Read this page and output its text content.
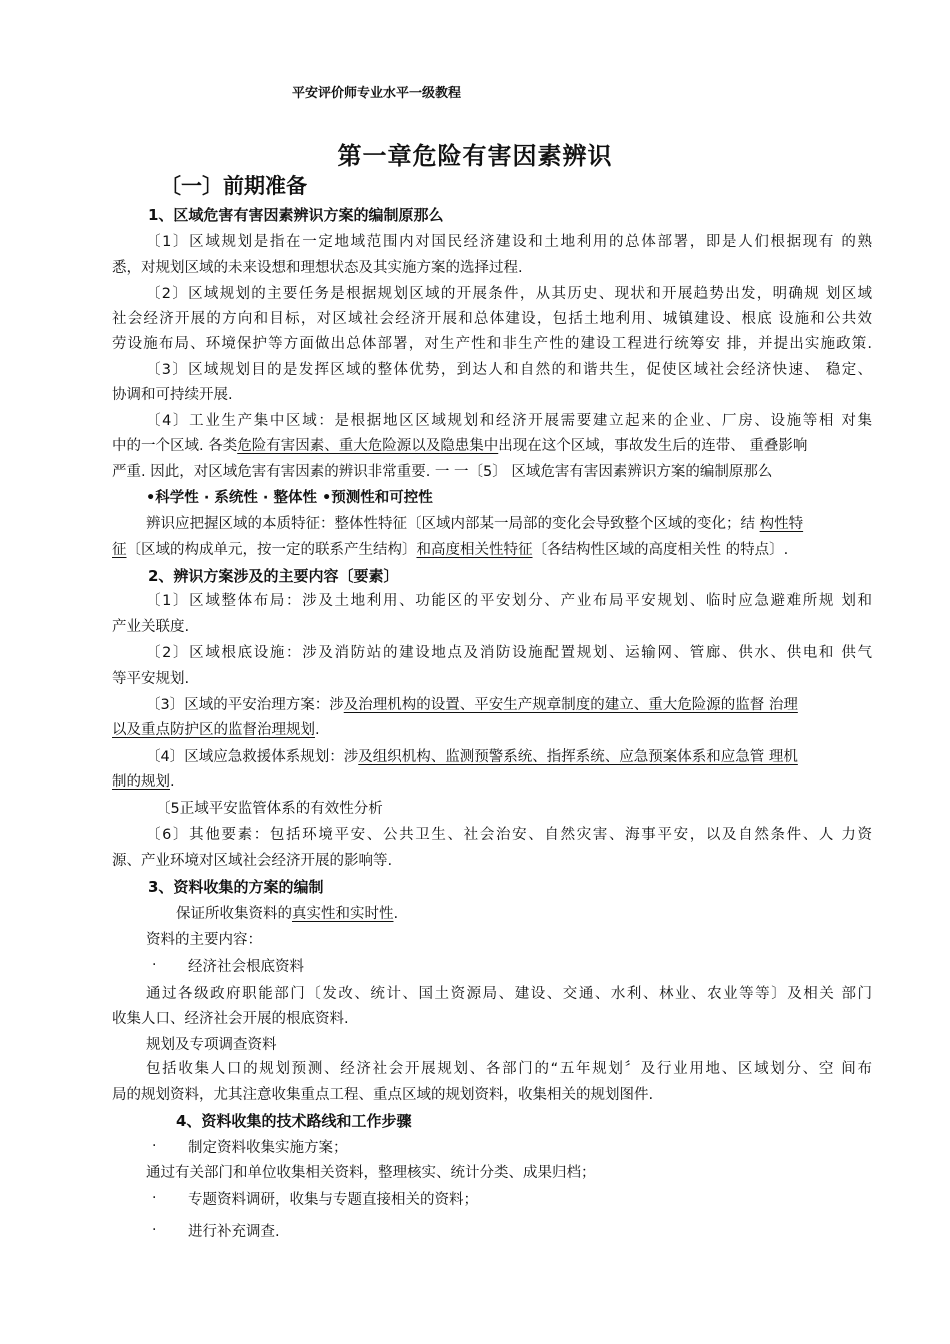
平安评价师专业水平一级教程
第一章危险有害因素辨识
〔一〕前期准备
1、区域危害有害因素辨识方案的编制原那么
〔1〕区域规划是指在一定地域范围内对国民经济建设和土地利用的总体部署，即是人们根据现有 的熟
悉，对规划区域的未来设想和理想状态及其实施方案的选择过程.
〔2〕区域规划的主要任务是根据规划区域的开展条件，从其历史、现状和开展趋势出发，明确规 划区域
社会经济开展的方向和目标，对区域社会经济开展和总体建设，包括土地利用、城镇建设、根底 设施和公共效
劳设施布局、环境保护等方面做出总体部署，对生产性和非生产性的建设工程进行统筹安 排，并提出实施政策.
〔3〕区域规划目的是发挥区域的整体优势，到达人和自然的和谐共生，促使区域社会经济快速、 稳定、
协调和可持续开展.
〔4〕工业生产集中区域：是根据地区区域规划和经济开展需要建立起来的企业、厂房、设施等相 对集
中的一个区域. 各类危险有害因素、重大危险源以及隐患集中出现在这个区域，事故发生后的连带、 重叠影响
严重. 因此，对区域危害有害因素的辨识非常重要. 一 一〔5〕 区域危害有害因素辨识方案的编制原那么
•科学性 · 系统性 · 整体性 •预测性和可控性
辨识应把握区域的本质特征：整体性特征〔区域内部某一局部的变化会导致整个区域的变化；结 构性特
征〔区域的构成单元，按一定的联系产生结构〕和高度相关性特征〔各结构性区域的高度相关性 的特点〕.
2、辨识方案涉及的主要内容〔要素〕
〔1〕区域整体布局：涉及土地利用、功能区的平安划分、产业布局平安规划、临时应急避难所规 划和
产业关联度.
〔2〕区域根底设施：涉及消防站的建设地点及消防设施配置规划、运输网、管廊、供水、供电和 供气
等平安规划.
〔3〕区域的平安治理方案：涉及治理机构的设置、平安生产规章制度的建立、重大危险源的监督 治理
以及重点防护区的监督治理规划.
〔4〕区域应急救援体系规划：涉及组织机构、监测预警系统、指挥系统、应急预案体系和应急管 理机
制的规划.
〔5正域平安监管体系的有效性分析
〔6〕其他要素：包括环境平安、公共卫生、社会治安、自然灾害、海事平安，以及自然条件、人 力资
源、产业环境对区域社会经济开展的影响等.
3、资料收集的方案的编制
保证所收集资料的真实性和实时性.
资料的主要内容：
· 经济社会根底资料
通过各级政府职能部门〔发改、统计、国土资源局、建设、交通、水利、林业、农业等等〕及相关 部门
收集人口、经济社会开展的根底资料.
规划及专项调查资料
包括收集人口的规划预测、经济社会开展规划、各部门的“五年规划〞及行业用地、区域划分、空 间布
局的规划资料，尤其注意收集重点工程、重点区域的规划资料，收集相关的规划图件.
4、资料收集的技术路线和工作步骤
· 制定资料收集实施方案；
通过有关部门和单位收集相关资料，整理核实、统计分类、成果归档；
· 专题资料调研，收集与专题直接相关的资料；
· 进行补充调查.
